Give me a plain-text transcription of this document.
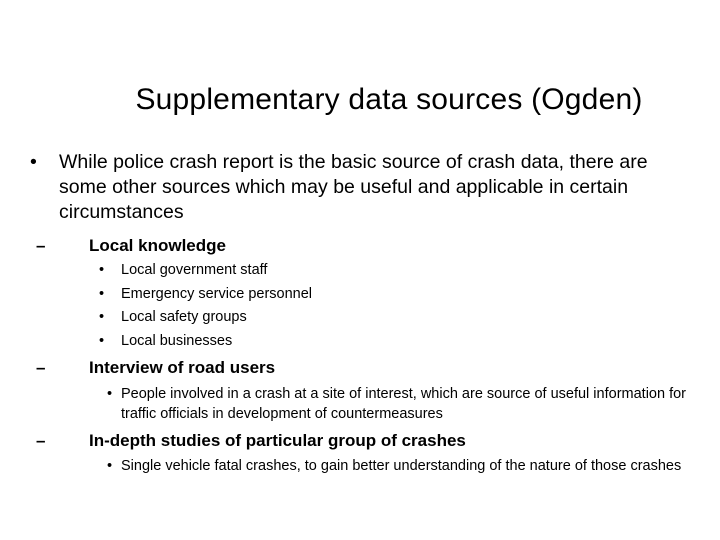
Supplementary data sources (Ogden)
• While police crash report is the basic source of crash data, there are some other sources which may be useful and applicable in certain circumstances
–	Local knowledge
• Local government staff
• Emergency service personnel
• Local safety groups
• Local businesses
–	Interview of road users
• People involved in a crash at a site of interest, which are source of useful information for traffic officials in development of countermeasures
–	In-depth studies of particular group of crashes
• Single vehicle fatal crashes, to gain better understanding of the nature of those crashes
